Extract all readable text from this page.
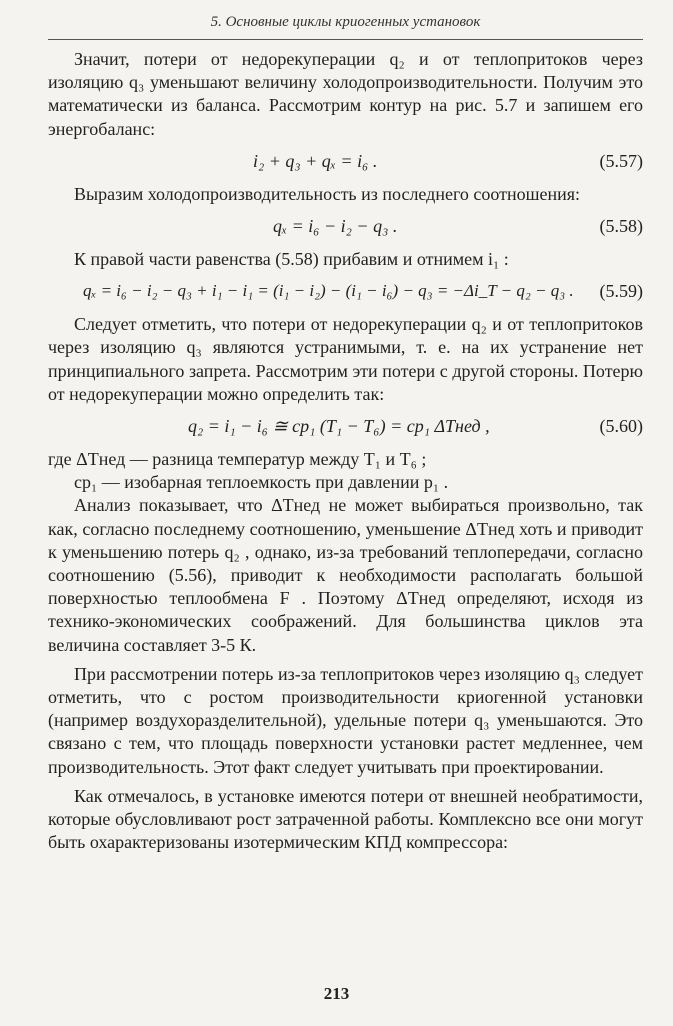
5. Основные циклы криогенных установок

Значит, потери от недорекуперации q₂ и от теплопритоков через изоляцию q₃ уменьшают величину холодопроизводительности. Получим это математически из баланса. Рассмотрим контур на рис. 5.7 и запишем его энергобаланс:

i₂ + q₃ + qₓ = i₆ .	(5.57)

Выразим холодопроизводительность из последнего соотношения:

qₓ = i₆ − i₂ − q₃ .	(5.58)

К правой части равенства (5.58) прибавим и отнимем i₁ :

qₓ = i₆ − i₂ − q₃ + i₁ − i₁ = (i₁ − i₂) − (i₁ − i₆) − q₃ = −Δi_T − q₂ − q₃ . (5.59)

Следует отметить, что потери от недорекуперации q₂ и от теплопритоков через изоляцию q₃ являются устранимыми, т. е. на их устранение нет принципиального запрета. Рассмотрим эти потери с другой стороны. Потерю от недорекуперации можно определить так:

q₂ = i₁ − i₆ ≅ cp₁ (T₁ − T₆) = cp₁ ΔTнед ,	(5.60)

где ΔTнед — разница температур между T₁ и T₆ ;

cp₁ — изобарная теплоемкость при давлении p₁ .

Анализ показывает, что ΔTнед не может выбираться произвольно, так как, согласно последнему соотношению, уменьшение ΔTнед хоть и приводит к уменьшению потерь q₂ , однако, из-за требований теплопередачи, согласно соотношению (5.56), приводит к необходимости располагать большой поверхностью теплообмена F . Поэтому ΔTнед определяют, исходя из технико-экономических соображений. Для большинства циклов эта величина составляет 3-5 К.

При рассмотрении потерь из-за теплопритоков через изоляцию q₃ следует отметить, что с ростом производительности криогенной установки (например воздухоразделительной), удельные потери q₃ уменьшаются. Это связано с тем, что площадь поверхности установки растет медленнее, чем производительность. Этот факт следует учитывать при проектировании.

Как отмечалось, в установке имеются потери от внешней необратимости, которые обусловливают рост затраченной работы. Комплексно все они могут быть охарактеризованы изотермическим КПД компрессора:

213
